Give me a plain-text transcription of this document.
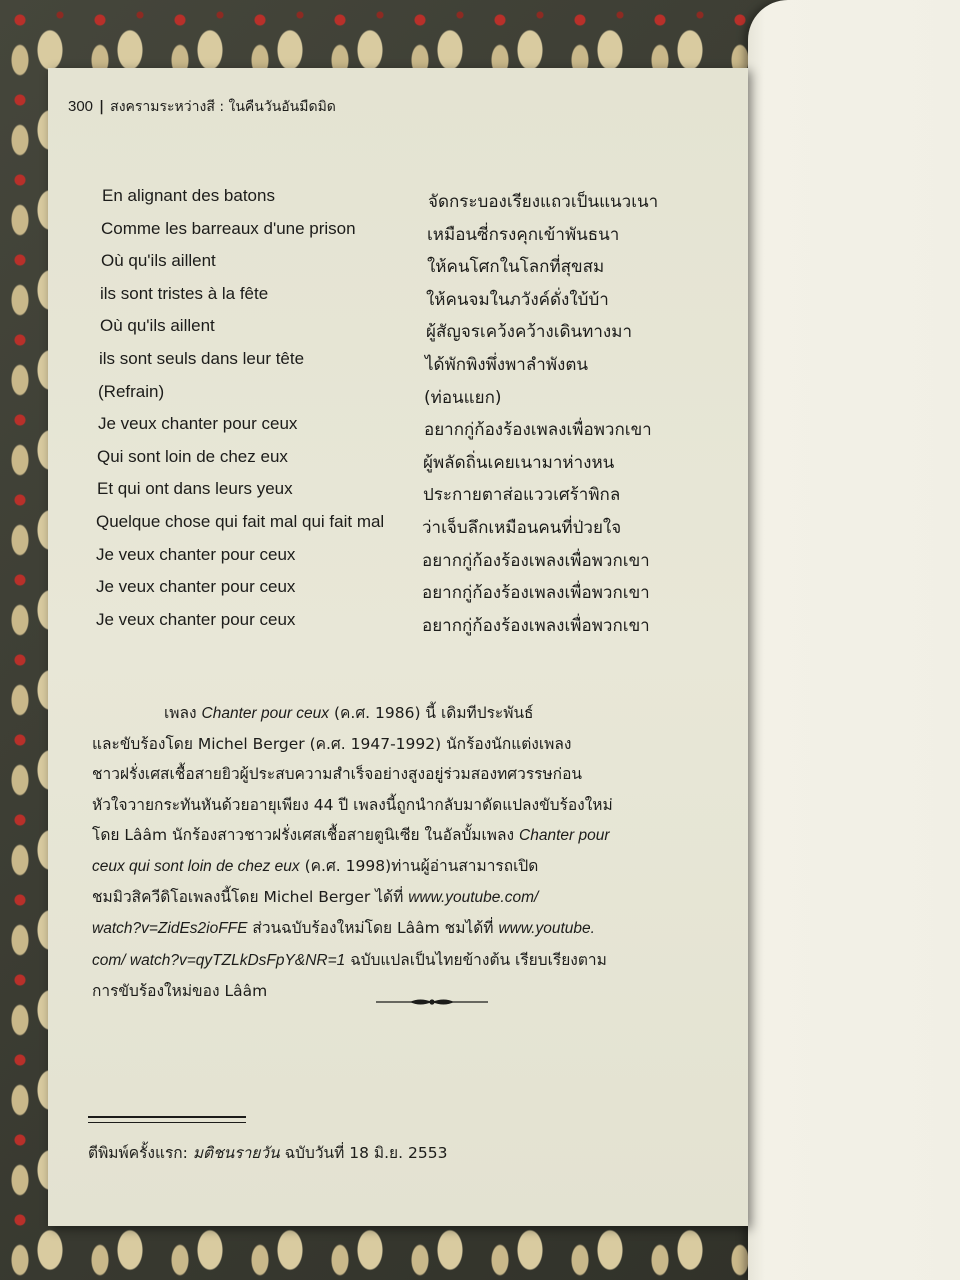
300 | สงครามระหว่างสี : ในคืนวันอันมืดมิด
En alignant des batons	จัดกระบองเรียงแถวเป็นแนวเนา
Comme les barreaux d'une prison	เหมือนซี่กรงคุกเข้าพันธนา
Où qu'ils aillent	ให้คนโศกในโลกที่สุขสม
ils sont tristes à la fête	ให้คนจมในภวังค์ดั่งใบ้บ้า
Où qu'ils aillent	ผู้สัญจรเคว้งคว้างเดินทางมา
ils sont seuls dans leur tête	ได้พักพิงพึ่งพาลำพังตน
(Refrain)	(ท่อนแยก)
Je veux chanter pour ceux	อยากกู่ก้องร้องเพลงเพื่อพวกเขา
Qui sont loin de chez eux	ผู้พลัดถิ่นเคยเนามาห่างหน
Et qui ont dans leurs yeux	ประกายตาส่อแววเศร้าพิกล
Quelque chose qui fait mal qui fait mal ว่าเจ็บลึกเหมือนคนที่ป่วยใจ
Je veux chanter pour ceux	อยากกู่ก้องร้องเพลงเพื่อพวกเขา
Je veux chanter pour ceux	อยากกู่ก้องร้องเพลงเพื่อพวกเขา
Je veux chanter pour ceux	อยากกู่ก้องร้องเพลงเพื่อพวกเขา
เพลง Chanter pour ceux (ค.ศ. 1986) นี้ เดิมทีประพันธ์
และขับร้องโดย Michel Berger (ค.ศ. 1947-1992) นักร้องนักแต่งเพลง
ชาวฝรั่งเศสเชื้อสายยิวผู้ประสบความสำเร็จอย่างสูงอยู่ร่วมสองทศวรรษก่อน
หัวใจวายกระทันหันด้วยอายุเพียง 44 ปี เพลงนี้ถูกนำกลับมาดัดแปลงขับร้องใหม่
โดย Lââm นักร้องสาวชาวฝรั่งเศสเชื้อสายตูนิเซีย ในอัลบั้มเพลง Chanter pour
ceux qui sont loin de chez eux (ค.ศ. 1998)ท่านผู้อ่านสามารถเปิด
ชมมิวสิควีดิโอเพลงนี้โดย Michel Berger ได้ที่ www.youtube.com/
watch?v=ZidEs2ioFFE ส่วนฉบับร้องใหม่โดย Lââm ชมได้ที่ www.youtube.
com/ watch?v=qyTZLkDsFpY&NR=1 ฉบับแปลเป็นไทยข้างต้น เรียบเรียงตาม
การขับร้องใหม่ของ Lââm
ตีพิมพ์ครั้งแรก: มติชนรายวัน ฉบับวันที่ 18 มิ.ย. 2553
